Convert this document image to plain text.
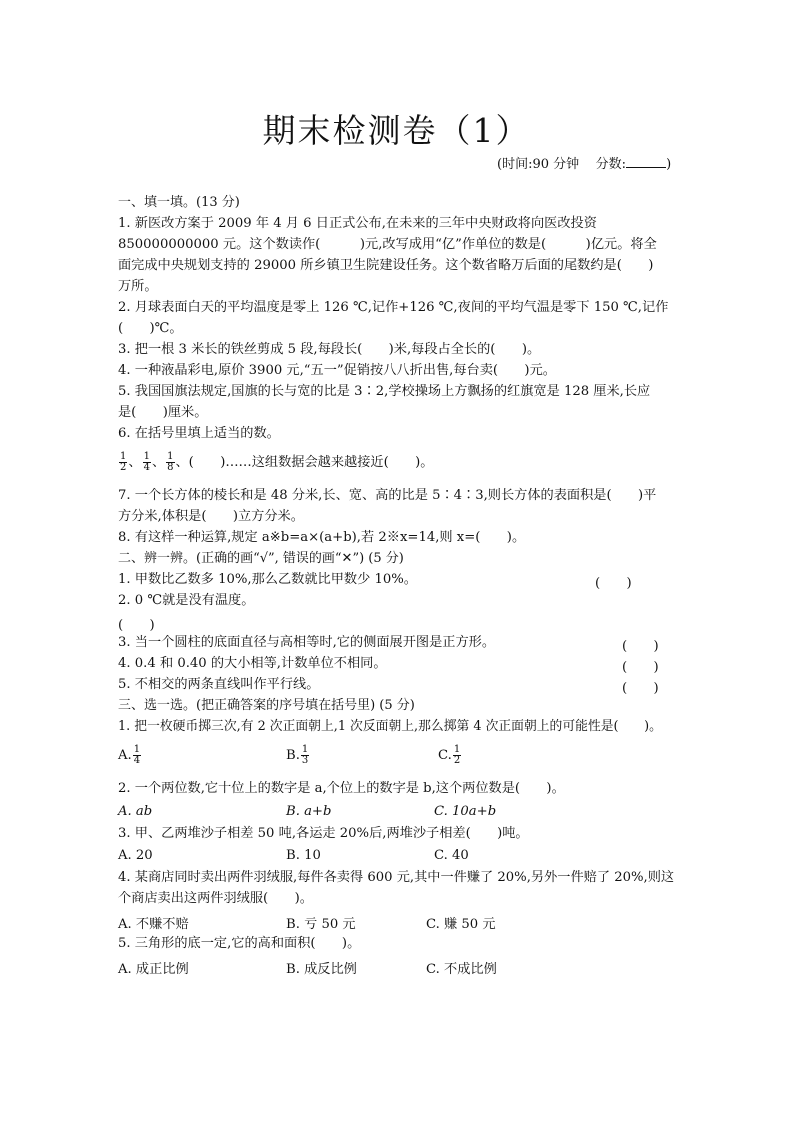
期末检测卷（1）
(时间:90 分钟 分数:	)
一、填一填。(13 分)
1. 新医改方案于 2009 年 4 月 6 日正式公布,在未来的三年中央财政将向医改投资
850000000000 元。这个数读作(　　　)元,改写成用“亿”作单位的数是(　　　)亿元。将全
面完成中央规划支持的 29000 所乡镇卫生院建设任务。这个数省略万后面的尾数约是(　　)
万所。
2. 月球表面白天的平均温度是零上 126 ℃,记作+126 ℃,夜间的平均气温是零下 150 ℃,记作
(　　)℃。
3. 把一根 3 米长的铁丝剪成 5 段,每段长(　　)米,每段占全长的(　　)。
4. 一种液晶彩电,原价 3900 元,“五一”促销按八八折出售,每台卖(　　)元。
5. 我国国旗法规定,国旗的长与宽的比是 3∶2,学校操场上方飘扬的红旗宽是 128 厘米,长应
是(　　)厘米。
6. 在括号里填上适当的数。
$\frac{1}{2}$ 、 $\frac{1}{4}$ 、 $\frac{1}{8}$ 、(　　)……这组数据会越来越接近(　　)。
7. 一个长方体的棱长和是 48 分米,长、宽、高的比是 5∶4∶3,则长方体的表面积是(　　)平
方分米,体积是(　　)立方分米。
8. 有这样一种运算,规定 a※b=a×(a+b),若 2※x=14,则 x=(　　)。
二、辨一辨。(正确的画“√”, 错误的画“✕”) (5 分)
1. 甲数比乙数多 10%,那么乙数就比甲数少 10%。	(　　)
2. 0 ℃就是没有温度。
(　　)
3. 当一个圆柱的底面直径与高相等时,它的侧面展开图是正方形。	(　　)
4. 0.4 和 0.40 的大小相等,计数单位不相同。	(　　)
5. 不相交的两条直线叫作平行线。	(　　)
三、选一选。(把正确答案的序号填在括号里) (5 分)
1. 把一枚硬币掷三次,有 2 次正面朝上,1 次反面朝上,那么掷第 4 次正面朝上的可能性是(　　)。
A. $\frac{1}{4}$	B. $\frac{1}{3}$	C. $\frac{1}{2}$
2. 一个两位数,它十位上的数字是 a,个位上的数字是 b,这个两位数是(　　)。
A. ab	B. a+b	C. 10a+b
3. 甲、乙两堆沙子相差 50 吨,各运走 20%后,两堆沙子相差(　　)吨。
A. 20	B. 10	C. 40
4. 某商店同时卖出两件羽绒服,每件各卖得 600 元,其中一件赚了 20%,另外一件赔了 20%,则这
个商店卖出这两件羽绒服(　　)。
A. 不赚不赔	B. 亏 50 元	C. 赚 50 元
5. 三角形的底一定,它的高和面积(　　)。
A. 成正比例	B. 成反比例	C. 不成比例
